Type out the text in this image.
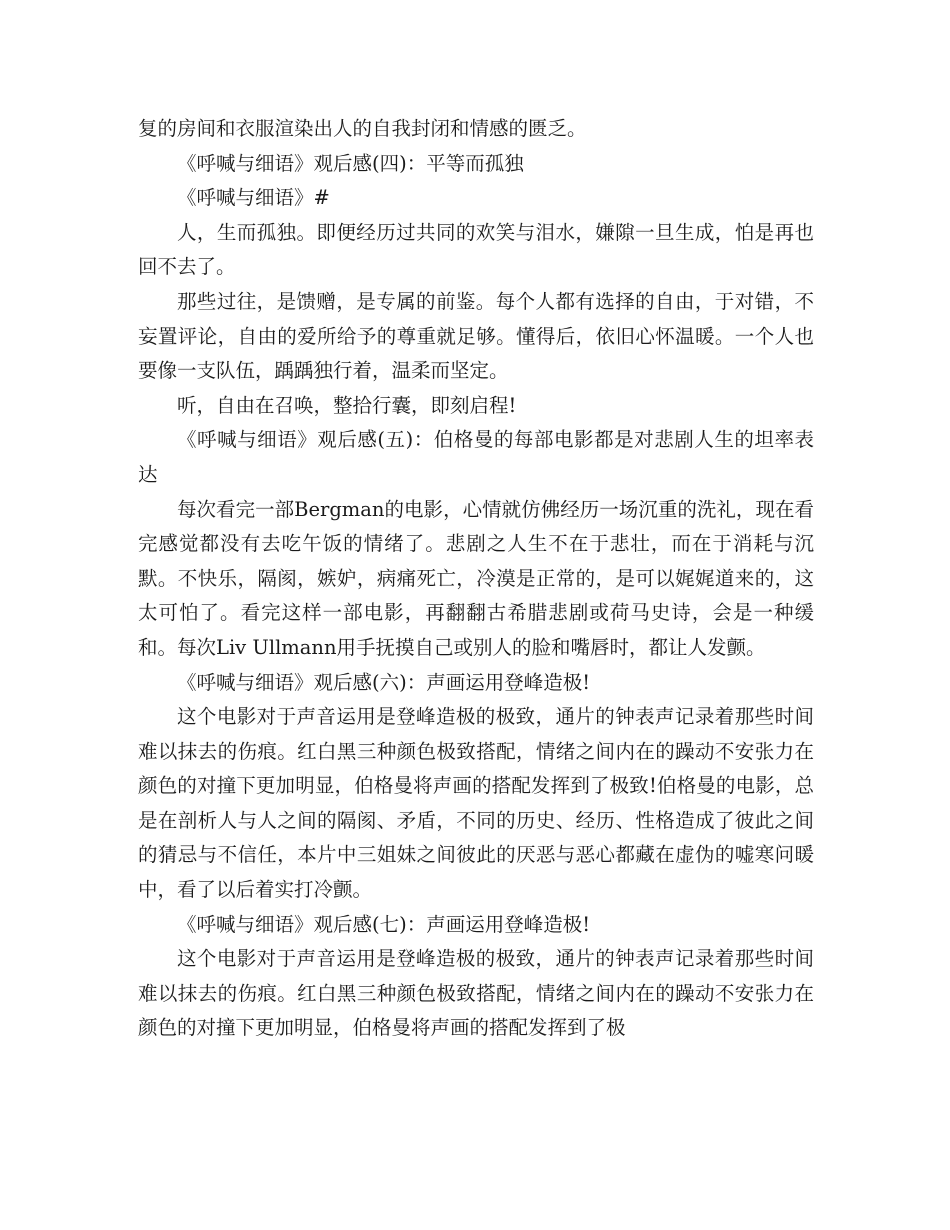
复的房间和衣服渲染出人的自我封闭和情感的匮乏。

《呼喊与细语》观后感(四)：平等而孤独

《呼喊与细语》#

人，生而孤独。即便经历过共同的欢笑与泪水，嫌隙一旦生成，怕是再也回不去了。

那些过往，是馈赠，是专属的前鉴。每个人都有选择的自由，于对错，不妄置评论，自由的爱所给予的尊重就足够。懂得后，依旧心怀温暖。一个人也要像一支队伍，踽踽独行着，温柔而坚定。

听，自由在召唤，整拾行囊，即刻启程!

《呼喊与细语》观后感(五)：伯格曼的每部电影都是对悲剧人生的坦率表达

每次看完一部Bergman的电影，心情就仿佛经历一场沉重的洗礼，现在看完感觉都没有去吃午饭的情绪了。悲剧之人生不在于悲壮，而在于消耗与沉默。不快乐，隔阂，嫉妒，病痛死亡，冷漠是正常的，是可以娓娓道来的，这太可怕了。看完这样一部电影，再翻翻古希腊悲剧或荷马史诗，会是一种缓和。每次Liv Ullmann用手抚摸自己或别人的脸和嘴唇时，都让人发颤。

《呼喊与细语》观后感(六)：声画运用登峰造极!

这个电影对于声音运用是登峰造极的极致，通片的钟表声记录着那些时间难以抹去的伤痕。红白黑三种颜色极致搭配，情绪之间内在的躁动不安张力在颜色的对撞下更加明显，伯格曼将声画的搭配发挥到了极致!伯格曼的电影，总是在剖析人与人之间的隔阂、矛盾，不同的历史、经历、性格造成了彼此之间的猜忌与不信任，本片中三姐妹之间彼此的厌恶与恶心都藏在虚伪的嘘寒问暖中，看了以后着实打冷颤。

《呼喊与细语》观后感(七)：声画运用登峰造极!

这个电影对于声音运用是登峰造极的极致，通片的钟表声记录着那些时间难以抹去的伤痕。红白黑三种颜色极致搭配，情绪之间内在的躁动不安张力在颜色的对撞下更加明显，伯格曼将声画的搭配发挥到了极
